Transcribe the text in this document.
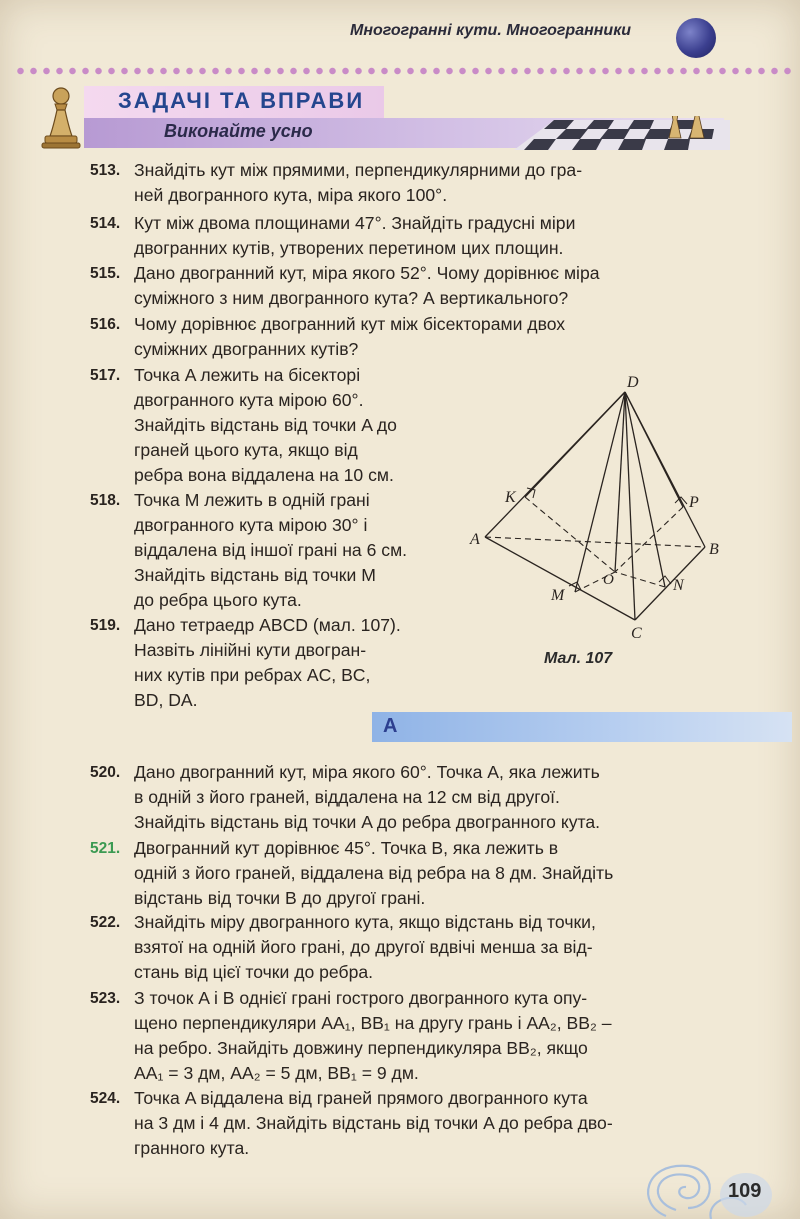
Многогранні кути. Многогранники
ЗАДАЧІ ТА ВПРАВИ
Виконайте усно
513. Знайдіть кут між прямими, перпендикулярними до гра-
ней двогранного кута, міра якого 100°.
514. Кут між двома площинами 47°. Знайдіть градусні міри
двогранних кутів, утворених перетином цих площин.
515. Дано двогранний кут, міра якого 52°. Чому дорівнює міра
суміжного з ним двогранного кута? А вертикального?
516. Чому дорівнює двогранний кут між бісекторами двох
суміжних двогранних кутів?
517. Точка A лежить на бісекторі
двогранного кута мірою 60°.
Знайдіть відстань від точки A до
граней цього кута, якщо від
ребра вона віддалена на 10 см.
518. Точка M лежить в одній грані
двогранного кута мірою 30° і
віддалена від іншої грані на 6 см.
Знайдіть відстань від точки M
до ребра цього кута.
519. Дано тетраедр ABCD (мал. 107).
Назвіть лінійні кути двогран-
них кутів при ребрах AC, BC,
BD, DA.
520. Дано двогранний кут, міра якого 60°. Точка A, яка лежить
в одній з його граней, віддалена на 12 см від другої.
Знайдіть відстань від точки A до ребра двогранного кута.
521. Двогранний кут дорівнює 45°. Точка B, яка лежить в
одній з його граней, віддалена від ребра на 8 дм. Знайдіть
відстань від точки B до другої грані.
522. Знайдіть міру двогранного кута, якщо відстань від точки,
взятої на одній його грані, до другої вдвічі менша за від-
стань від цієї точки до ребра.
523. З точок A і B однієї грані гострого двогранного кута опу-
щено перпендикуляри AA₁, BB₁ на другу грань і AA₂, BB₂ –
на ребро. Знайдіть довжину перпендикуляра BB₂, якщо
AA₁ = 3 дм, AA₂ = 5 дм, BB₁ = 9 дм.
524. Точка A віддалена від граней прямого двогранного кута
на 3 дм і 4 дм. Знайдіть відстань від точки A до ребра дво-
гранного кута.
D
K	P
A
B
O
M
N
C
Мал. 107
А
109
